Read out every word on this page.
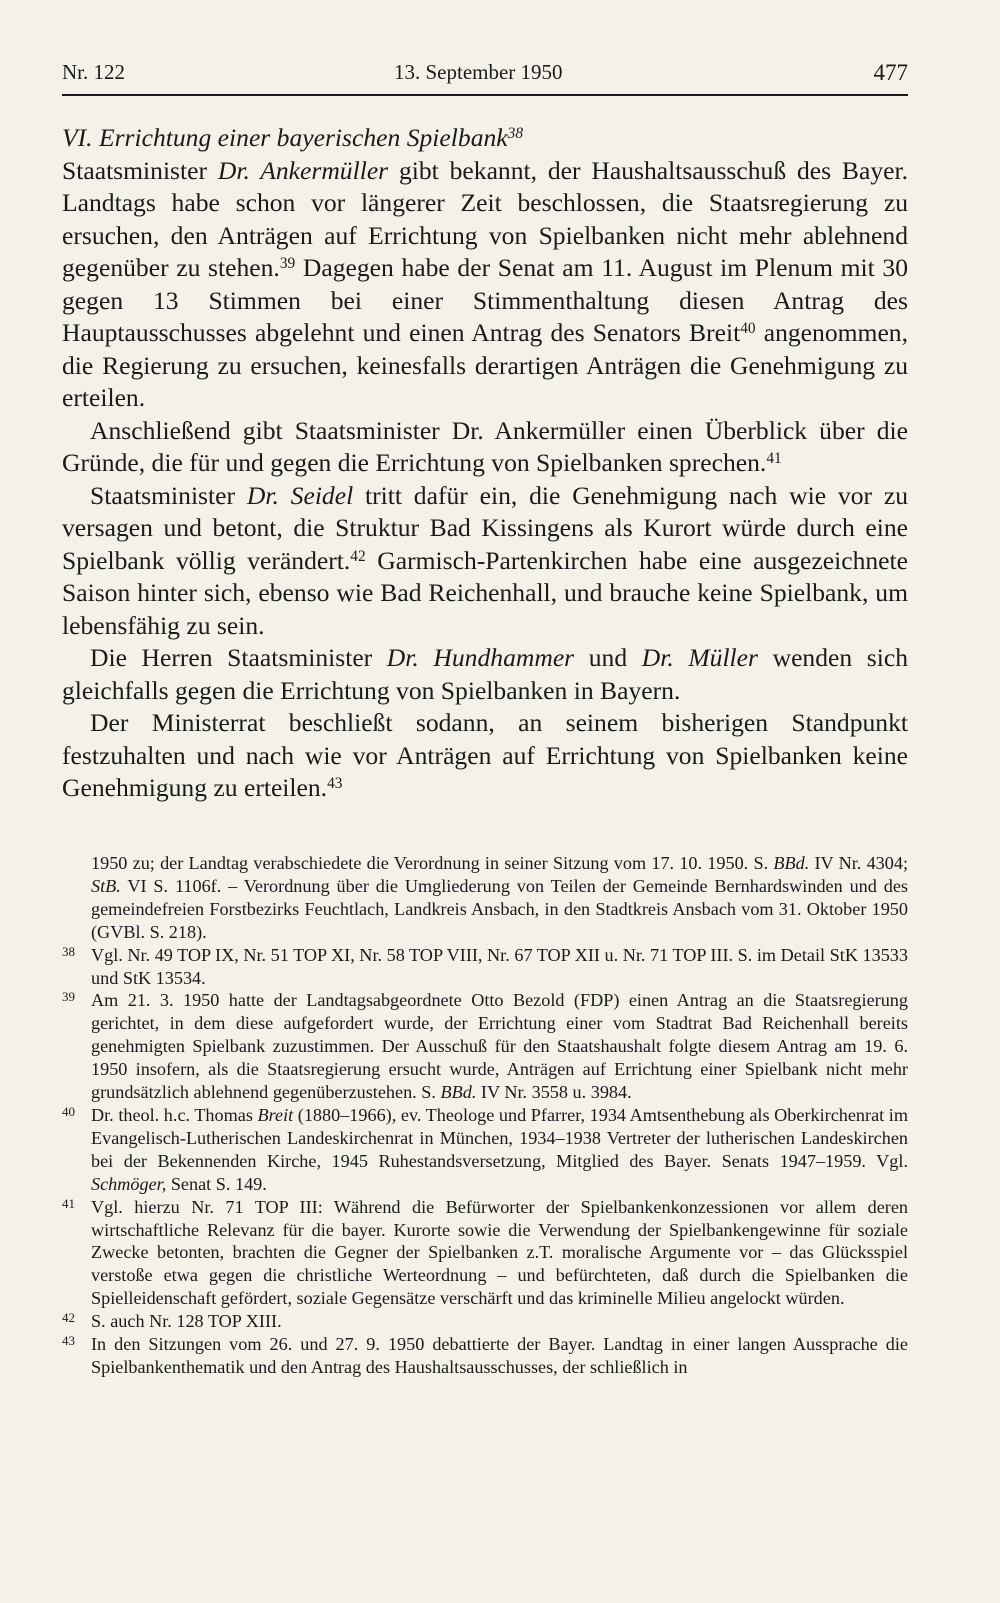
Nr. 122	13. September 1950	477
VI. Errichtung einer bayerischen Spielbank$^{38}$

Staatsminister Dr. Ankermüller gibt bekannt, der Haushaltsausschuß des Bayer. Landtags habe schon vor längerer Zeit beschlossen, die Staatsregierung zu ersuchen, den Anträgen auf Errichtung von Spielbanken nicht mehr ablehnend gegenüber zu stehen.$^{39}$ Dagegen habe der Senat am 11. August im Plenum mit 30 gegen 13 Stimmen bei einer Stimmenthaltung diesen Antrag des Hauptausschusses abgelehnt und einen Antrag des Senators Breit$^{40}$ angenommen, die Regierung zu ersuchen, keinesfalls derartigen Anträgen die Genehmigung zu erteilen.

Anschließend gibt Staatsminister Dr. Ankermüller einen Überblick über die Gründe, die für und gegen die Errichtung von Spielbanken sprechen.$^{41}$

Staatsminister Dr. Seidel tritt dafür ein, die Genehmigung nach wie vor zu versagen und betont, die Struktur Bad Kissingens als Kurort würde durch eine Spielbank völlig verändert.$^{42}$ Garmisch-Partenkirchen habe eine ausgezeichnete Saison hinter sich, ebenso wie Bad Reichenhall, und brauche keine Spielbank, um lebensfähig zu sein.

Die Herren Staatsminister Dr. Hundhammer und Dr. Müller wenden sich gleichfalls gegen die Errichtung von Spielbanken in Bayern.

Der Ministerrat beschließt sodann, an seinem bisherigen Standpunkt festzuhalten und nach wie vor Anträgen auf Errichtung von Spielbanken keine Genehmigung zu erteilen.$^{43}$

1950 zu; der Landtag verabschiedete die Verordnung in seiner Sitzung vom 17. 10. 1950. S. BBd. IV Nr. 4304; StB. VI S. 1106f. – Verordnung über die Umgliederung von Teilen der Gemeinde Bernhardswinden und des gemeindefreien Forstbezirks Feuchtlach, Landkreis Ansbach, in den Stadtkreis Ansbach vom 31. Oktober 1950 (GVBl. S. 218).

38 Vgl. Nr. 49 TOP IX, Nr. 51 TOP XI, Nr. 58 TOP VIII, Nr. 67 TOP XII u. Nr. 71 TOP III. S. im Detail StK 13533 und StK 13534.

39 Am 21. 3. 1950 hatte der Landtagsabgeordnete Otto Bezold (FDP) einen Antrag an die Staatsregierung gerichtet, in dem diese aufgefordert wurde, der Errichtung einer vom Stadtrat Bad Reichenhall bereits genehmigten Spielbank zuzustimmen. Der Ausschuß für den Staatshaushalt folgte diesem Antrag am 19. 6. 1950 insofern, als die Staatsregierung ersucht wurde, Anträgen auf Errichtung einer Spielbank nicht mehr grundsätzlich ablehnend gegenüberzustehen. S. BBd. IV Nr. 3558 u. 3984.

40 Dr. theol. h.c. Thomas Breit (1880–1966), ev. Theologe und Pfarrer, 1934 Amtsenthebung als Oberkirchenrat im Evangelisch-Lutherischen Landeskirchenrat in München, 1934–1938 Vertreter der lutherischen Landeskirchen bei der Bekennenden Kirche, 1945 Ruhestandsversetzung, Mitglied des Bayer. Senats 1947–1959. Vgl. Schmöger, Senat S. 149.

41 Vgl. hierzu Nr. 71 TOP III: Während die Befürworter der Spielbankenkonzessionen vor allem deren wirtschaftliche Relevanz für die bayer. Kurorte sowie die Verwendung der Spielbankengewinne für soziale Zwecke betonten, brachten die Gegner der Spielbanken z.T. moralische Argumente vor – das Glücksspiel verstoße etwa gegen die christliche Werteordnung – und befürchteten, daß durch die Spielbanken die Spielleidenschaft gefördert, soziale Gegensätze verschärft und das kriminelle Milieu angelockt würden.

42 S. auch Nr. 128 TOP XIII.

43 In den Sitzungen vom 26. und 27. 9. 1950 debattierte der Bayer. Landtag in einer langen Aussprache die Spielbankenthematik und den Antrag des Haushaltsausschusses, der schließlich in
